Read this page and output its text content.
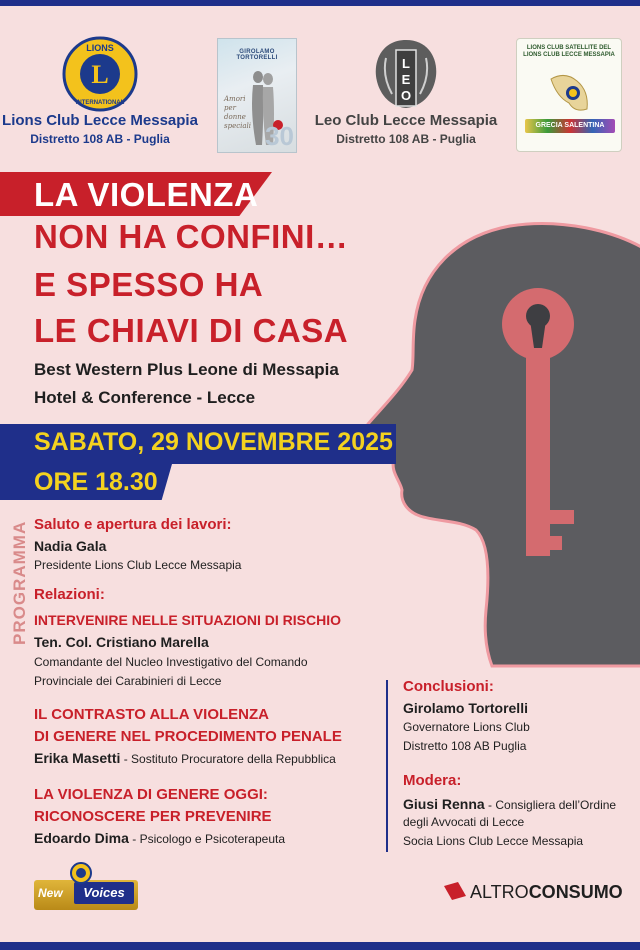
L
LIONS
INTERNATIONAL
Lions Club Lecce Messapia
Distretto 108 AB - Puglia
GIROLAMO TORTORELLI
Amori per donne speciali 30
L
E
O
Leo Club Lecce Messapia
Distretto 108 AB - Puglia
LIONS CLUB SATELLITE DEL LIONS CLUB LECCE MESSAPIA
GRECIA SALENTINA
LA VIOLENZA
NON HA CONFINI…
E SPESSO HA
LE CHIAVI DI CASA
Best Western Plus Leone di Messapia
Hotel & Conference - Lecce
SABATO, 29 NOVEMBRE 2025
ORE 18.30
PROGRAMMA Saluto e apertura dei lavori:
Nadia Gala
Presidente Lions Club Lecce Messapia
Relazioni:
INTERVENIRE NELLE SITUAZIONI DI RISCHIO
Ten. Col. Cristiano Marella
Comandante del Nucleo Investigativo del Comando
Provinciale dei Carabinieri di Lecce
IL CONTRASTO ALLA VIOLENZA
DI GENERE NEL PROCEDIMENTO PENALE
Erika Masetti - Sostituto Procuratore della Repubblica
LA VIOLENZA DI GENERE OGGI:
RICONOSCERE PER PREVENIRE
Edoardo Dima - Psicologo e Psicoterapeuta
Conclusioni:
Girolamo Tortorelli
Governatore Lions Club
Distretto 108 AB Puglia
Modera:
Giusi Renna - Consigliera dell’Ordine
degli Avvocati di Lecce
Socia Lions Club Lecce Messapia
New	Voices	ALTROCONSUMO
